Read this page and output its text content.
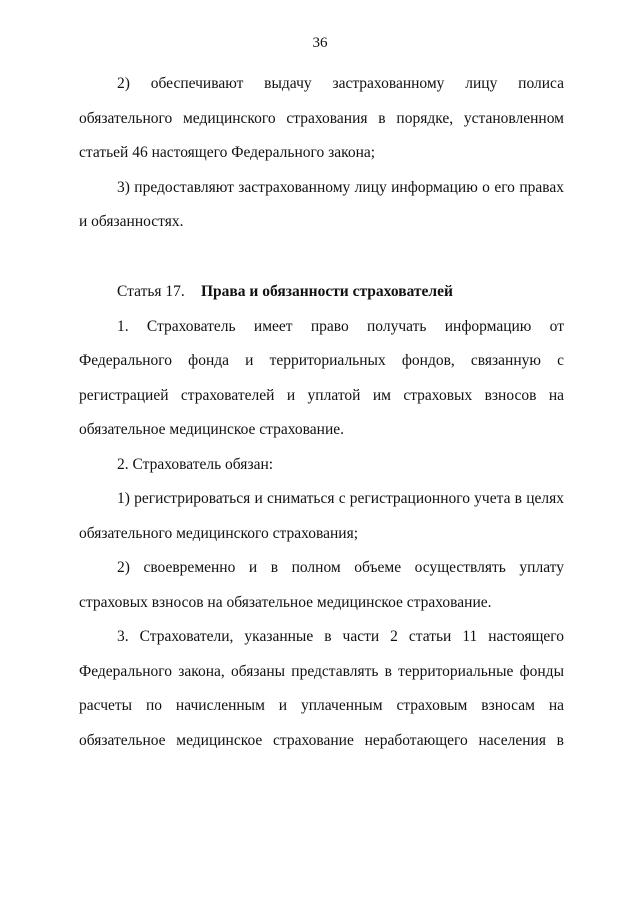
36

2) обеспечивают выдачу застрахованному лицу полиса обязательного медицинского страхования в порядке, установленном статьей 46 настоящего Федерального закона;

3) предоставляют застрахованному лицу информацию о его правах и обязанностях.

Статья 17. Права и обязанности страхователей

1. Страхователь имеет право получать информацию от Федерального фонда и территориальных фондов, связанную с регистрацией страхователей и уплатой им страховых взносов на обязательное медицинское страхование.

2. Страхователь обязан:

1) регистрироваться и сниматься с регистрационного учета в целях обязательного медицинского страхования;

2) своевременно и в полном объеме осуществлять уплату страховых взносов на обязательное медицинское страхование.

3. Страхователи, указанные в части 2 статьи 11 настоящего Федерального закона, обязаны представлять в территориальные фонды расчеты по начисленным и уплаченным страховым взносам на обязательное медицинское страхование неработающего населения в
